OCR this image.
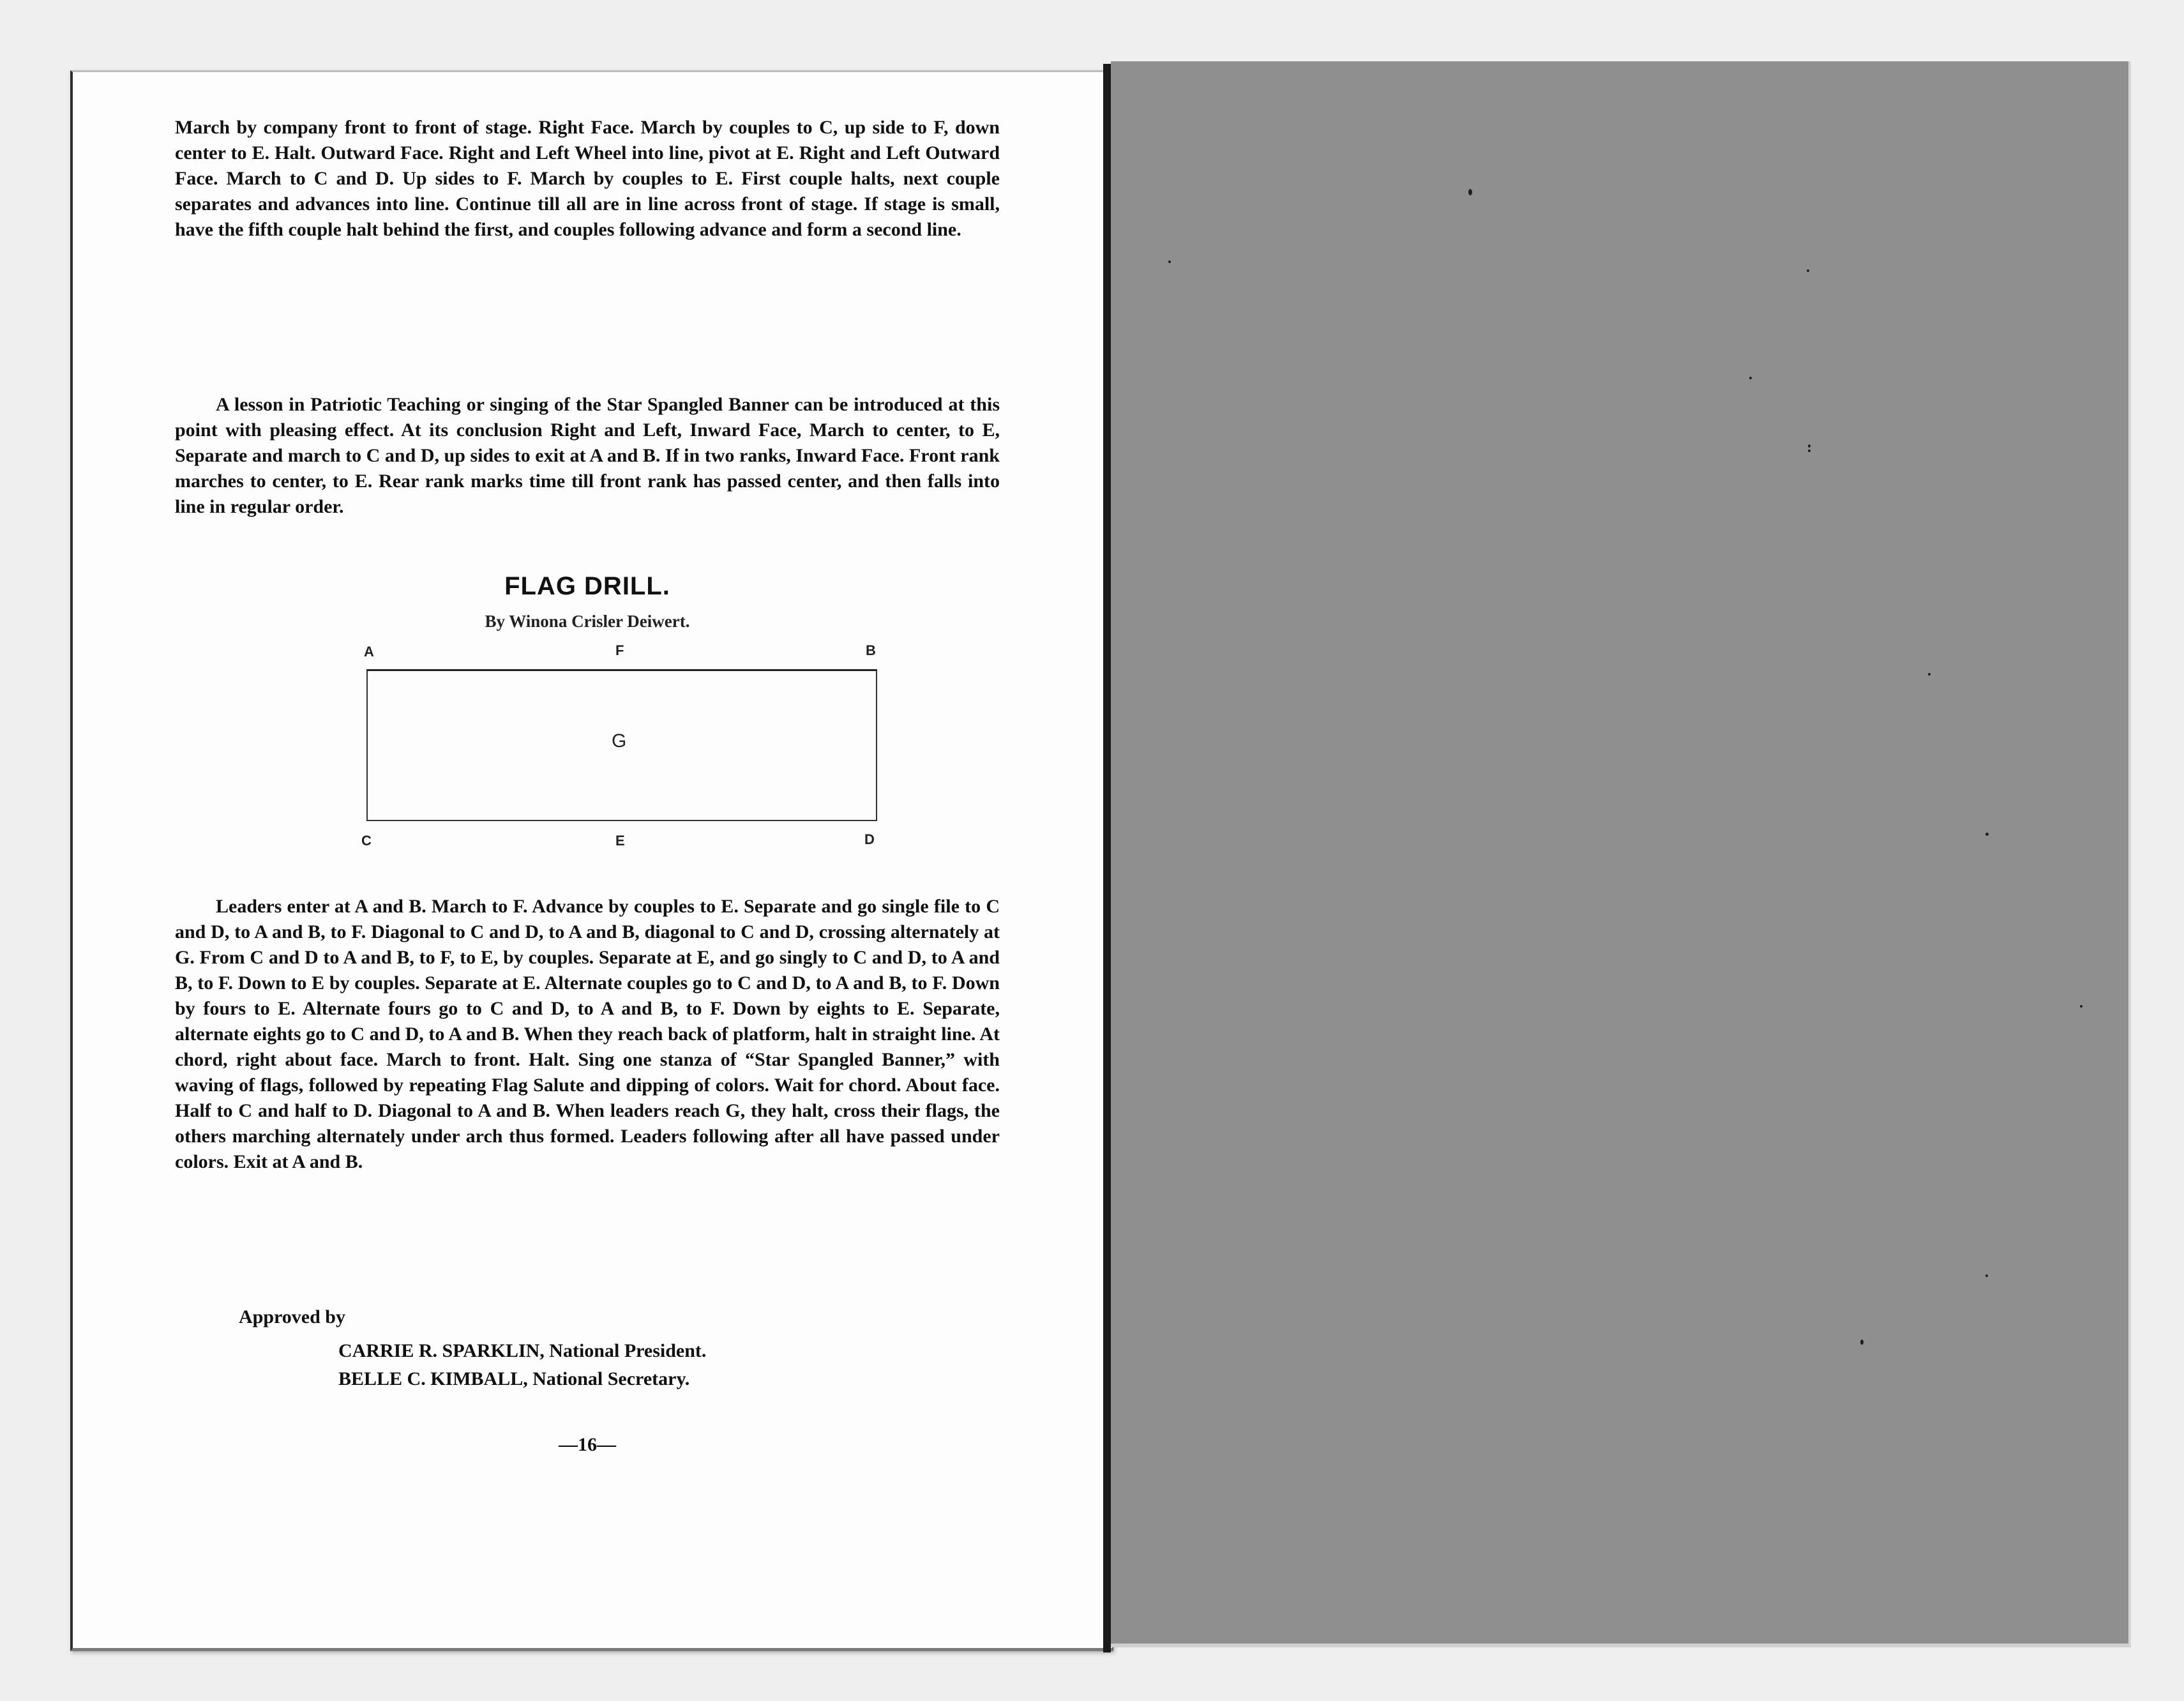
March by company front to front of stage. Right Face. March by couples to C, up side to F, down center to E. Halt. Outward Face. Right and Left Wheel into line, pivot at E. Right and Left Outward Face. March to C and D. Up sides to F. March by couples to E. First couple halts, next couple separates and advances into line. Continue till all are in line across front of stage. If stage is small, have the fifth couple halt behind the first, and couples following advance and form a second line.

A lesson in Patriotic Teaching or singing of the Star Spangled Banner can be introduced at this point with pleasing effect. At its conclusion Right and Left, Inward Face, March to center, to E, Separate and march to C and D, up sides to exit at A and B. If in two ranks, Inward Face. Front rank marches to center, to E. Rear rank marks time till front rank has passed center, and then falls into line in regular order.

FLAG DRILL.
By Winona Crisler Deiwert.
A	F	B
G
C	E	D

Leaders enter at A and B. March to F. Advance by couples to E. Separate and go single file to C and D, to A and B, to F. Diagonal to C and D, to A and B, diagonal to C and D, crossing alternately at G. From C and D to A and B, to F, to E, by couples. Separate at E, and go singly to C and D, to A and B, to F. Down to E by couples. Separate at E. Alternate couples go to C and D, to A and B, to F. Down by fours to E. Alternate fours go to C and D, to A and B, to F. Down by eights to E. Separate, alternate eights go to C and D, to A and B. When they reach back of platform, halt in straight line. At chord, right about face. March to front. Halt. Sing one stanza of “Star Spangled Banner,” with waving of flags, followed by repeating Flag Salute and dipping of colors. Wait for chord. About face. Half to C and half to D. Diagonal to A and B. When leaders reach G, they halt, cross their flags, the others marching alternately under arch thus formed. Leaders following after all have passed under colors. Exit at A and B.

Approved by
CARRIE R. SPARKLIN, National President.
BELLE C. KIMBALL, National Secretary.
—16—
